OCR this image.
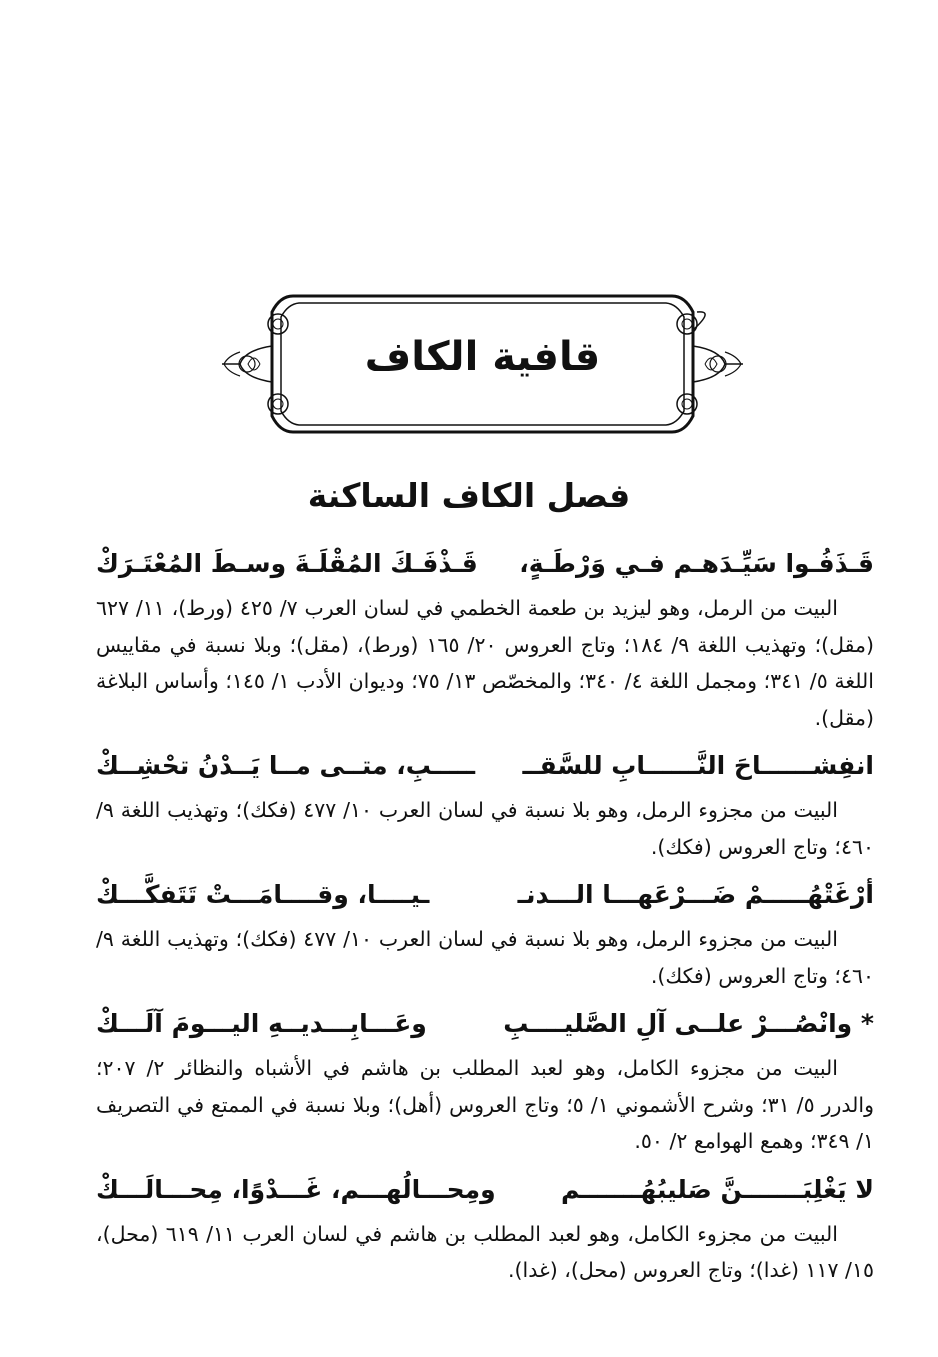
قافية الكاف
فصل الكاف الساكنة
قَـذَفُـوا سَيِّـدَهـم فـي وَرْطَـةٍ،
قَـذْفَـكَ المُقْلَـةَ وسـطَ المُعْتَـرَكْ

البيت من الرمل، وهو ليزيد بن طعمة الخطمي في لسان العرب ٧/ ٤٢٥ (ورط)، ١١/ ٦٢٧ (مقل)؛ وتهذيب اللغة ٩/ ١٨٤؛ وتاج العروس ٢٠/ ١٦٥ (ورط)، (مقل)؛ وبلا نسبة في مقاييس اللغة ٥/ ٣٤١؛ ومجمل اللغة ٤/ ٣٤٠؛ والمخصّص ١٣/ ٧٥؛ وديوان الأدب ١/ ١٤٥؛ وأساس البلاغة (مقل).

انفِشــــــاحَ النَّــــــابِ للسَّقــ
ـــــبِ، متــى مــا يَــدْنُ تحْشِــكْ

البيت من مجزوء الرمل، وهو بلا نسبة في لسان العرب ١٠/ ٤٧٧ (فكك)؛ وتهذيب اللغة ٩/ ٤٦٠؛ وتاج العروس (فكك).

أرْغَتْهُـــــمْ ضَـــرْعَهـــا الـــدنـ
ـيــــا، وقــــامَـــتْ تَتَفكَّـــكْ

البيت من مجزوء الرمل، وهو بلا نسبة في لسان العرب ١٠/ ٤٧٧ (فكك)؛ وتهذيب اللغة ٩/ ٤٦٠؛ وتاج العروس (فكك).

* وانْصُـــرْ علــى آلِ الصَّليــــبِ
وعَـــابِـــديــهِ اليـــومَ آلَـــكْ

البيت من مجزوء الكامل، وهو لعبد المطلب بن هاشم في الأشباه والنظائر ٢/ ٢٠٧؛ والدرر ٥/ ٣١؛ وشرح الأشموني ١/ ٥؛ وتاج العروس (أهل)؛ وبلا نسبة في الممتع في التصريف ١/ ٣٤٩؛ وهمع الهوامع ٢/ ٥٠.

لا يَغْلِبَـــــــنَّ صَليبُهُـــــــم
ومِحـــالُهـــم، غَـــدْوًا، مِحـــالَـــكْ

البيت من مجزوء الكامل، وهو لعبد المطلب بن هاشم في لسان العرب ١١/ ٦١٩ (محل)، ١٥/ ١١٧ (غدا)؛ وتاج العروس (محل)، (غدا).
